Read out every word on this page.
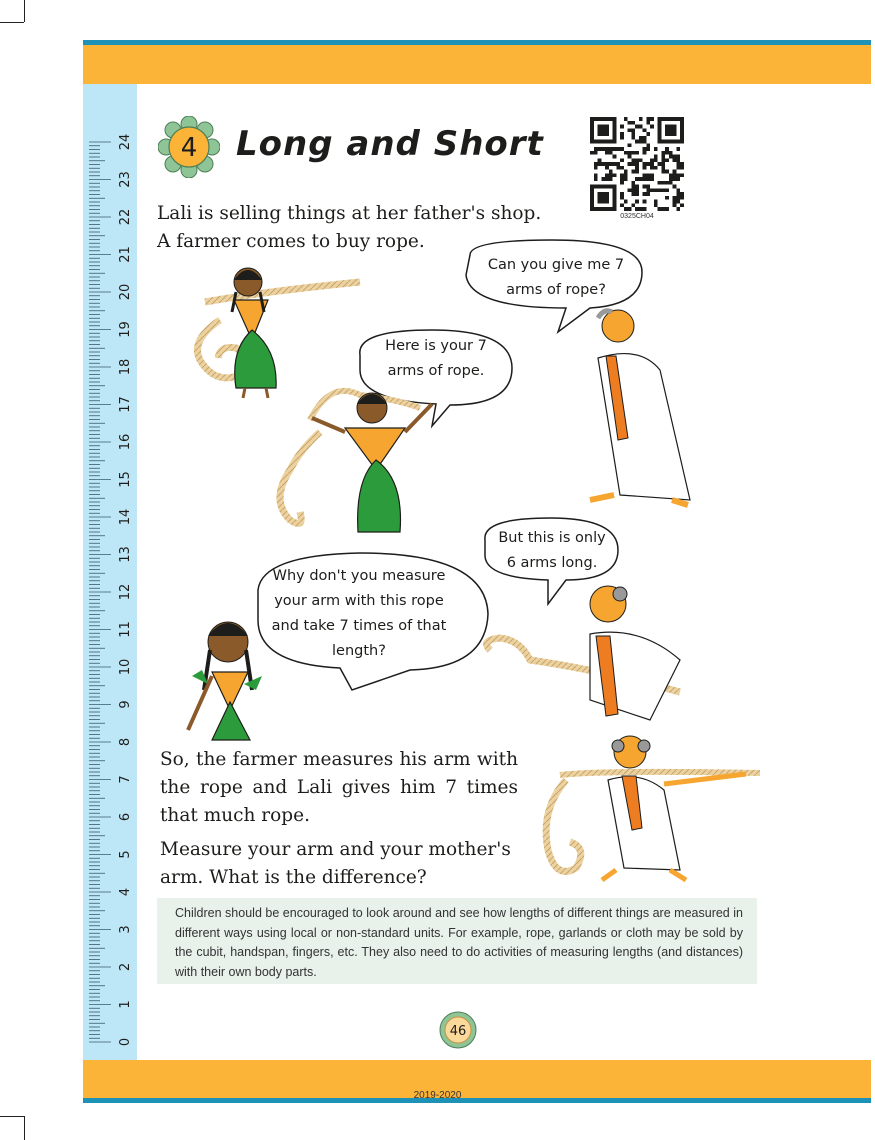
0
1
2
3
4
5
6
7
8
9
10
11
12
13
14
15
16
17
18
19
20
21
22
23
24 4 Long and Short
0325CH04

Lali is selling things at her father's shop.
A farmer comes to buy rope.

Can you give me 7
arms of rope?

Here is your 7
arms of rope.

But this is only
6 arms long.

Why don't you measure
your arm with this rope
and take 7 times of that
length?

So, the farmer measures his arm with the rope and Lali gives him 7 times that much rope.

Measure your arm and your mother's arm. What is the difference?

Children should be encouraged to look around and see how lengths of different things are measured in different ways using local or non-standard units. For example, rope, garlands or cloth may be sold by the cubit, handspan, fingers, etc. They also need to do activities of measuring lengths (and distances) with their own body parts.
46
2019-2020
